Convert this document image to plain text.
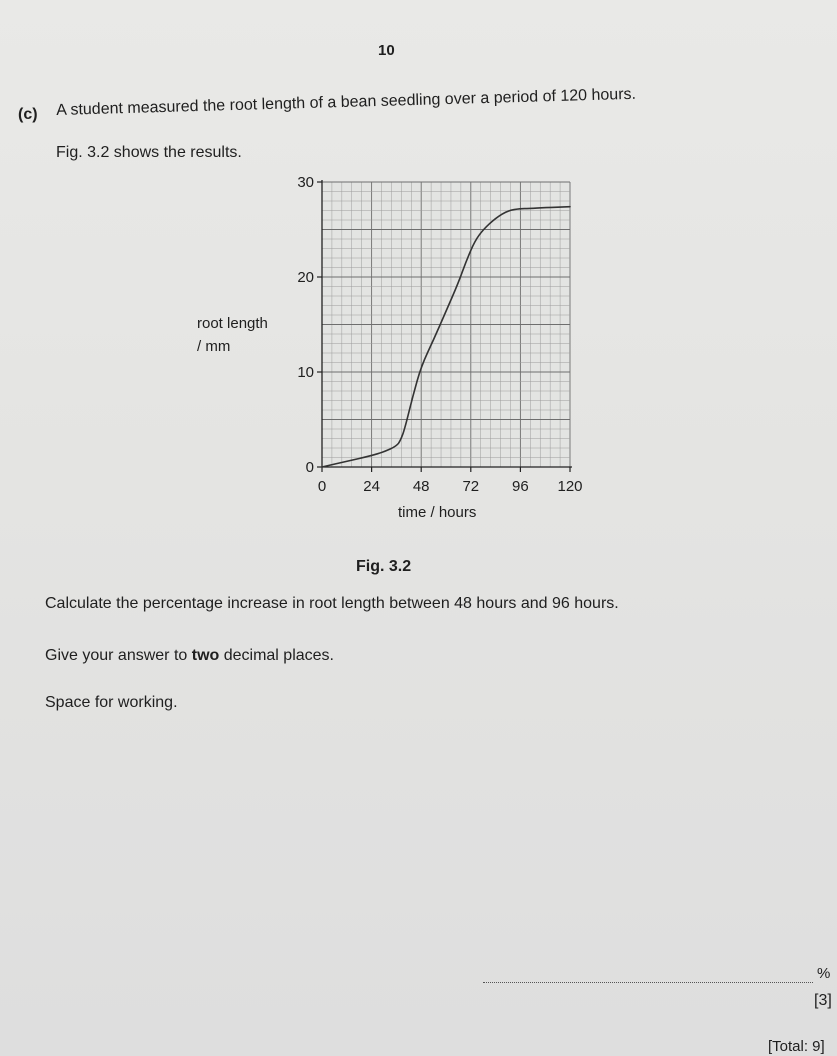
10
(c) A student measured the root length of a bean seedling over a period of 120 hours.
Fig. 3.2 shows the results.
0 24 48 72 96 120
0
10
20
30
root length
/ mm
time / hours
Fig. 3.2
Calculate the percentage increase in root length between 48 hours and 96 hours.
Give your answer to two decimal places.
Space for working.
%
[3]
[Total: 9]
